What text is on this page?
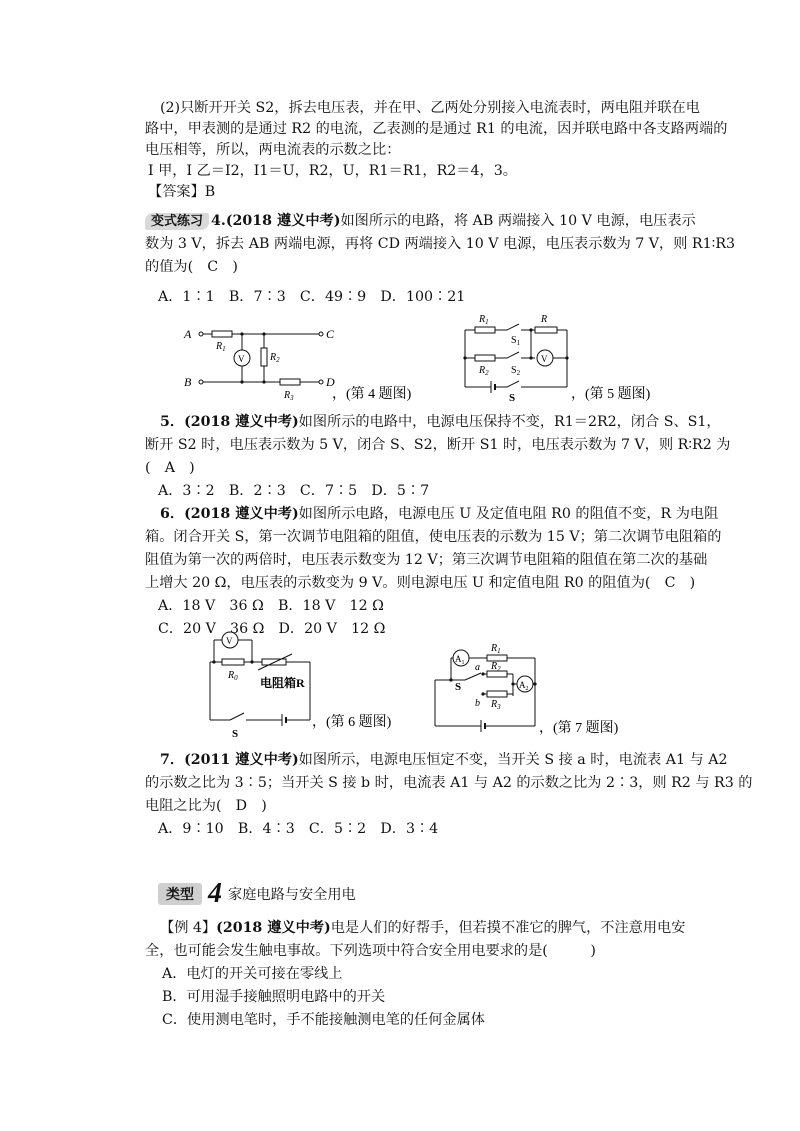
(2)只断开开关 S2，拆去电压表，并在甲、乙两处分别接入电流表时，两电阻并联在电
路中，甲表测的是通过 R2 的电流，乙表测的是通过 R1 的电流，因并联电路中各支路两端的
电压相等，所以，两电流表的示数之比：
I 甲，I 乙＝I2，I1＝U，R2，U，R1＝R1，R2＝4，3。
【答案】B
变式练习 4.(2018 遵义中考)如图所示的电路，将 AB 两端接入 10 V 电源，电压表示
数为 3 V，拆去 AB 两端电源，再将 CD 两端接入 10 V 电源，电压表示数为 7 V，则 R1∶R3
的值为(　C　)
A．1∶1　B．7∶3　C．49∶9　D．100∶21
A
B
C
D
V
$R_1$
$R_2$
$R_3$	，(第 4 题图)
V
$R_1$	R
$S_1$
$R_2$ $S_2$
S	，(第 5 题图)
5．(2018 遵义中考)如图所示的电路中，电源电压保持不变，R1＝2R2，闭合 S、S1，
断开 S2 时，电压表示数为 5 V，闭合 S、S2，断开 S1 时，电压表示数为 7 V，则 R∶R2 为
(　A　)
A．3∶2　B．2∶3　C．7∶5　D．5∶7
6．(2018 遵义中考)如图所示电路，电源电压 U 及定值电阻 R0 的阻值不变，R 为电阻
箱。闭合开关 S，第一次调节电阻箱的阻值，使电压表的示数为 15 V；第二次调节电阻箱的
阻值为第一次的两倍时，电压表示数变为 12 V；第三次调节电阻箱的阻值在第二次的基础
上增大 20 Ω，电压表的示数变为 9 V。则电源电压 U 和定值电阻 R0 的阻值为(　C　)
A．18 V　36 Ω　B．18 V　12 Ω
C．20 V　36 Ω　D．20 V　12 Ω
V
$R_0$ 电阻箱R
S
，(第 6 题图)
$A_1$
$A_2$
$R_1$
$R_2$
$R_3$
a
b
S
，(第 7 题图)
7．(2011 遵义中考)如图所示，电源电压恒定不变，当开关 S 接 a 时，电流表 A1 与 A2
的示数之比为 3∶5；当开关 S 接 b 时，电流表 A1 与 A2 的示数之比为 2∶3，则 R2 与 R3 的
电阻之比为(　D　)
A．9∶10　B．4∶3　C．5∶2　D．3∶4
类型 4 家庭电路与安全用电
【例 4】(2018 遵义中考)电是人们的好帮手，但若摸不准它的脾气，不注意用电安
全，也可能会发生触电事故。下列选项中符合安全用电要求的是(　　　)
A．电灯的开关可接在零线上
B．可用湿手接触照明电路中的开关
C．使用测电笔时，手不能接触测电笔的任何金属体
